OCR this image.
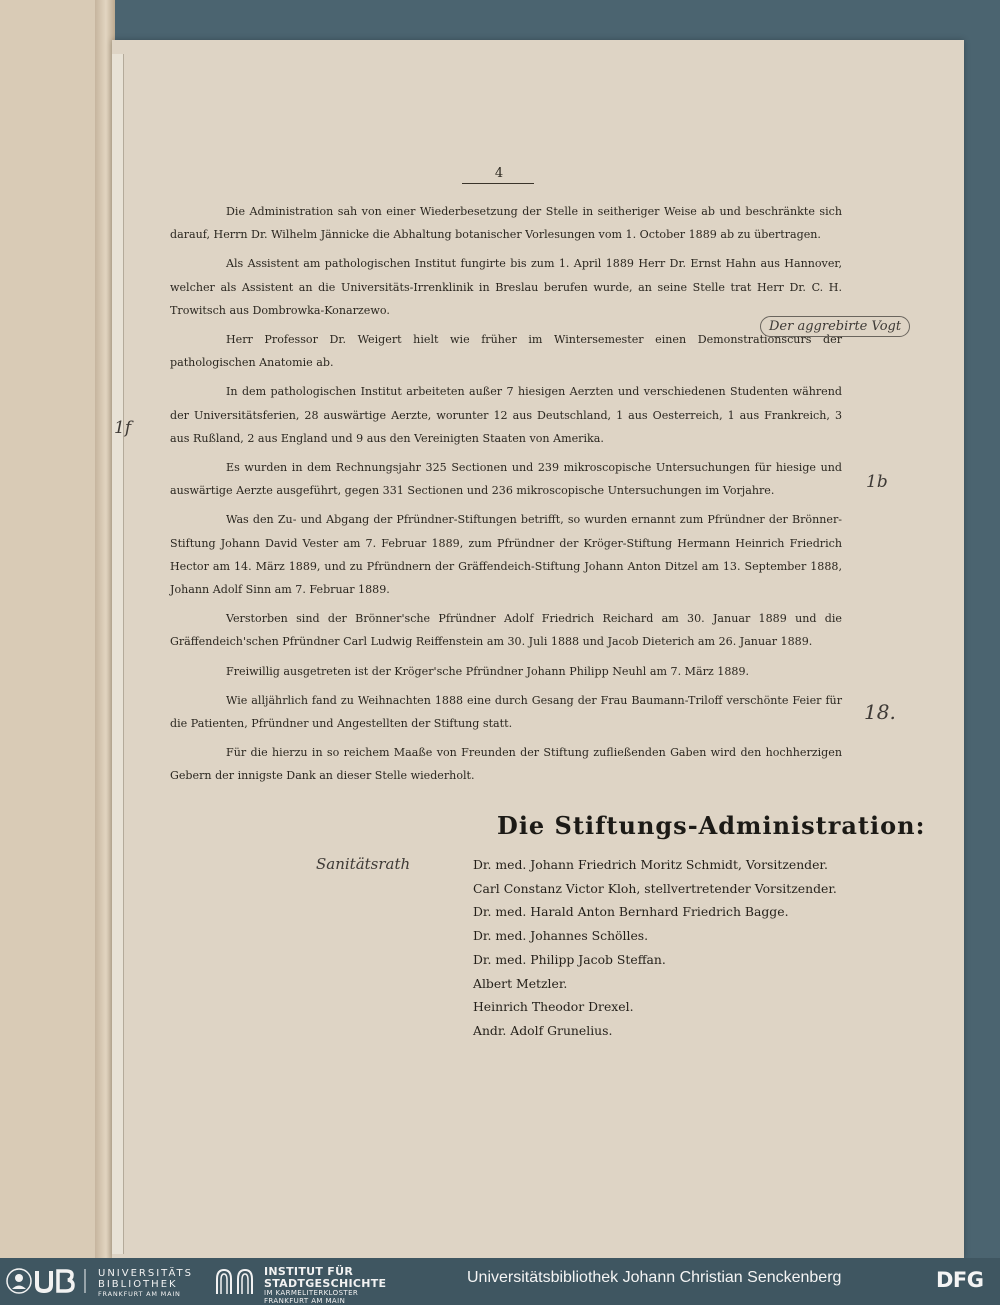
4

Die Administration sah von einer Wiederbesetzung der Stelle in seitheriger Weise ab und beschränkte sich darauf, Herrn Dr. Wilhelm Jännicke die Abhaltung botanischer Vorlesungen vom 1. October 1889 ab zu übertragen.

Als Assistent am pathologischen Institut fungirte bis zum 1. April 1889 Herr Dr. Ernst Hahn aus Hannover, welcher als Assistent an die Universitäts-Irrenklinik in Breslau berufen wurde, an seine Stelle trat Herr Dr. C. H. Trowitsch aus Dombrowka-Konarzewo.

Herr Professor Dr. Weigert hielt wie früher im Wintersemester einen Demonstrationscurs der pathologischen Anatomie ab.

In dem pathologischen Institut arbeiteten außer 7 hiesigen Aerzten und verschiedenen Studenten während der Universitätsferien, 28 auswärtige Aerzte, worunter 12 aus Deutschland, 1 aus Oesterreich, 1 aus Frankreich, 3 aus Rußland, 2 aus England und 9 aus den Vereinigten Staaten von Amerika.

Es wurden in dem Rechnungsjahr 325 Sectionen und 239 mikroscopische Untersuchungen für hiesige und auswärtige Aerzte ausgeführt, gegen 331 Sectionen und 236 mikroscopische Untersuchungen im Vorjahre.

Was den Zu- und Abgang der Pfründner-Stiftungen betrifft, so wurden ernannt zum Pfründner der Brönner-Stiftung Johann David Vester am 7. Februar 1889, zum Pfründner der Kröger-Stiftung Hermann Heinrich Friedrich Hector am 14. März 1889, und zu Pfründnern der Gräffendeich-Stiftung Johann Anton Ditzel am 13. September 1888, Johann Adolf Sinn am 7. Februar 1889.

Verstorben sind der Brönner'sche Pfründner Adolf Friedrich Reichard am 30. Januar 1889 und die Gräffendeich'schen Pfründner Carl Ludwig Reiffenstein am 30. Juli 1888 und Jacob Dieterich am 26. Januar 1889.

Freiwillig ausgetreten ist der Kröger'sche Pfründner Johann Philipp Neuhl am 7. März 1889.

Wie alljährlich fand zu Weihnachten 1888 eine durch Gesang der Frau Baumann-Triloff verschönte Feier für die Patienten, Pfründner und Angestellten der Stiftung statt.

Für die hierzu in so reichem Maaße von Freunden der Stiftung zufließenden Gaben wird den hochherzigen Gebern der innigste Dank an dieser Stelle wiederholt.

Der aggrebirte Vogt
1f
1b
18.
Sanitätsrath
Die Stiftungs-Administration:
Dr. med. Johann Friedrich Moritz Schmidt, Vorsitzender.
Carl Constanz Victor Kloh, stellvertretender Vorsitzender.
Dr. med. Harald Anton Bernhard Friedrich Bagge.
Dr. med. Johannes Schölles.
Dr. med. Philipp Jacob Steffan.
Albert Metzler.
Heinrich Theodor Drexel.
Andr. Adolf Grunelius.
UNIVERSITÄTS
BIBLIOTHEK
FRANKFURT AM MAIN
INSTITUT FÜR
STADTGESCHICHTE
IM KARMELITERKLOSTER
FRANKFURT AM MAIN
Universitätsbibliothek Johann Christian Senckenberg	DFG
